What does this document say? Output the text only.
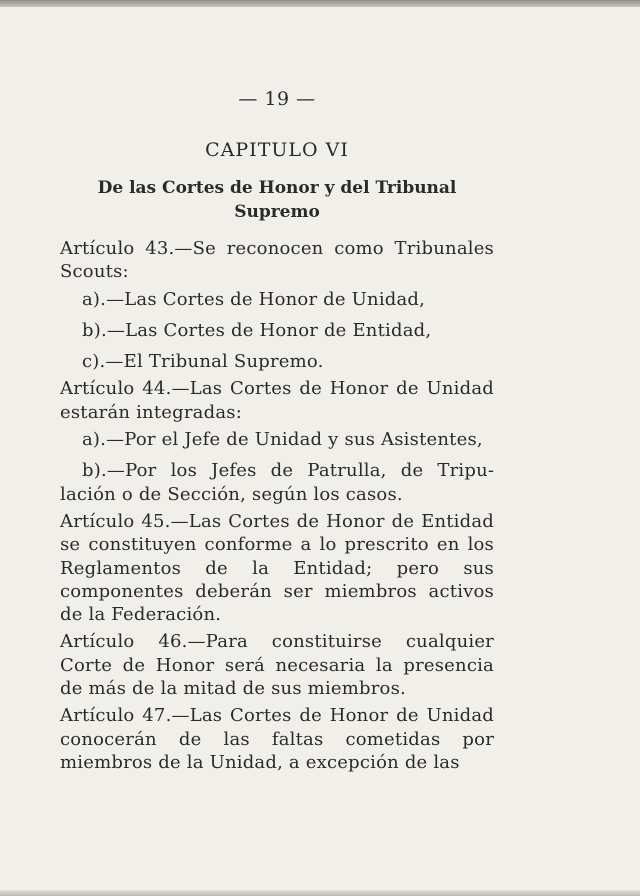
— 19 —
CAPITULO VI
De las Cortes de Honor y del Tribunal Supremo

Artículo 43.—Se reconocen como Tribunales Scouts:

a).—Las Cortes de Honor de Unidad,

b).—Las Cortes de Honor de Entidad,

c).—El Tribunal Supremo.

Artículo 44.—Las Cortes de Honor de Unidad estarán integradas:

a).—Por el Jefe de Unidad y sus Asistentes,

b).—Por los Jefes de Patrulla, de Tripulación o de Sección, según los casos.

Artículo 45.—Las Cortes de Honor de Entidad se constituyen conforme a lo prescrito en los Reglamentos de la Entidad; pero sus componentes deberán ser miembros activos de la Federación.

Artículo 46.—Para constituirse cualquier Corte de Honor será necesaria la presencia de más de la mitad de sus miembros.

Artículo 47.—Las Cortes de Honor de Unidad conocerán de las faltas cometidas por miembros de la Unidad, a excepción de las
